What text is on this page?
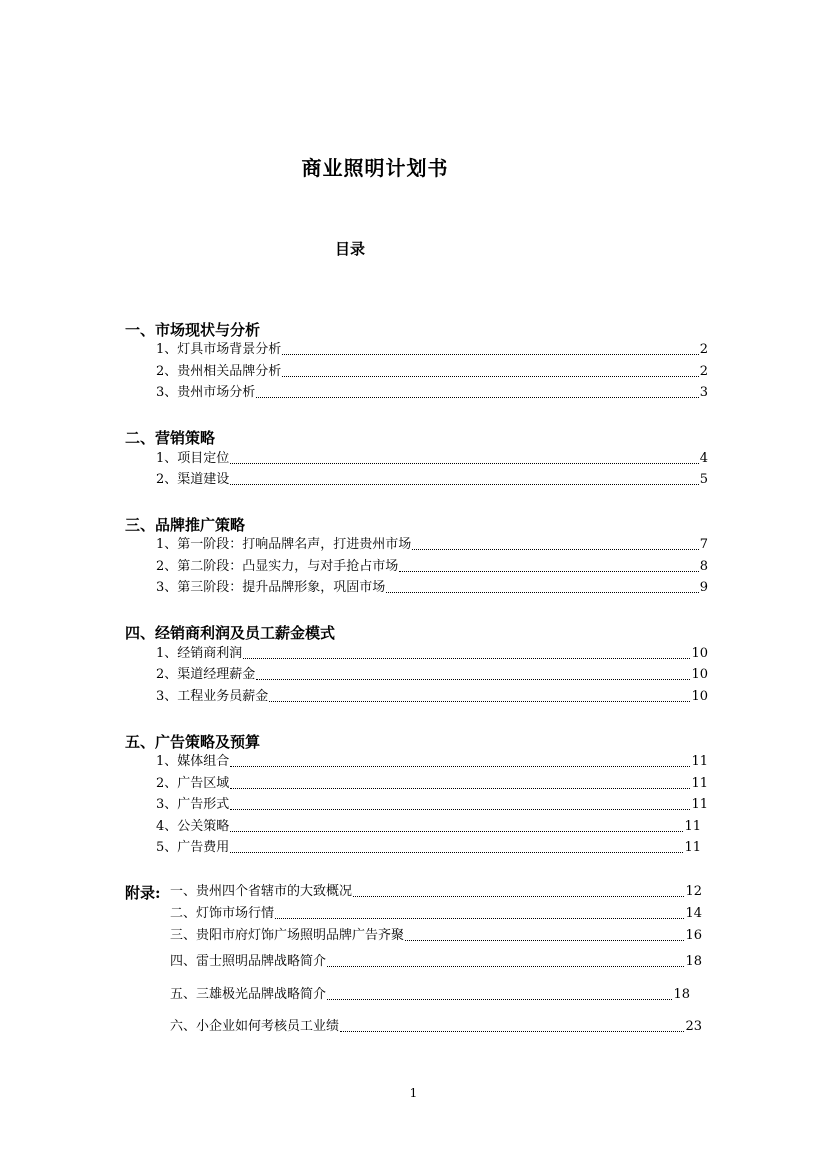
商业照明计划书
目录
一、市场现状与分析
1、灯具市场背景分析	2
2、贵州相关品牌分析	2
3、贵州市场分析	3
二、营销策略
1、项目定位	4
2、渠道建设	5
三、品牌推广策略
1、第一阶段：打响品牌名声，打进贵州市场	7
2、第二阶段：凸显实力，与对手抢占市场	8
3、第三阶段：提升品牌形象，巩固市场	9
四、经销商利润及员工薪金模式
1、经销商利润	10
2、渠道经理薪金	10
3、工程业务员薪金	10
五、广告策略及预算
1、媒体组合	11
2、广告区域	11
3、广告形式	11
4、公关策略	11
5、广告费用	11
附录: 一、贵州四个省辖市的大致概况	12
二、灯饰市场行情	14
三、贵阳市府灯饰广场照明品牌广告齐聚	16
四、雷士照明品牌战略简介	18
五、三雄极光品牌战略简介	18
六、小企业如何考核员工业绩	23
1
